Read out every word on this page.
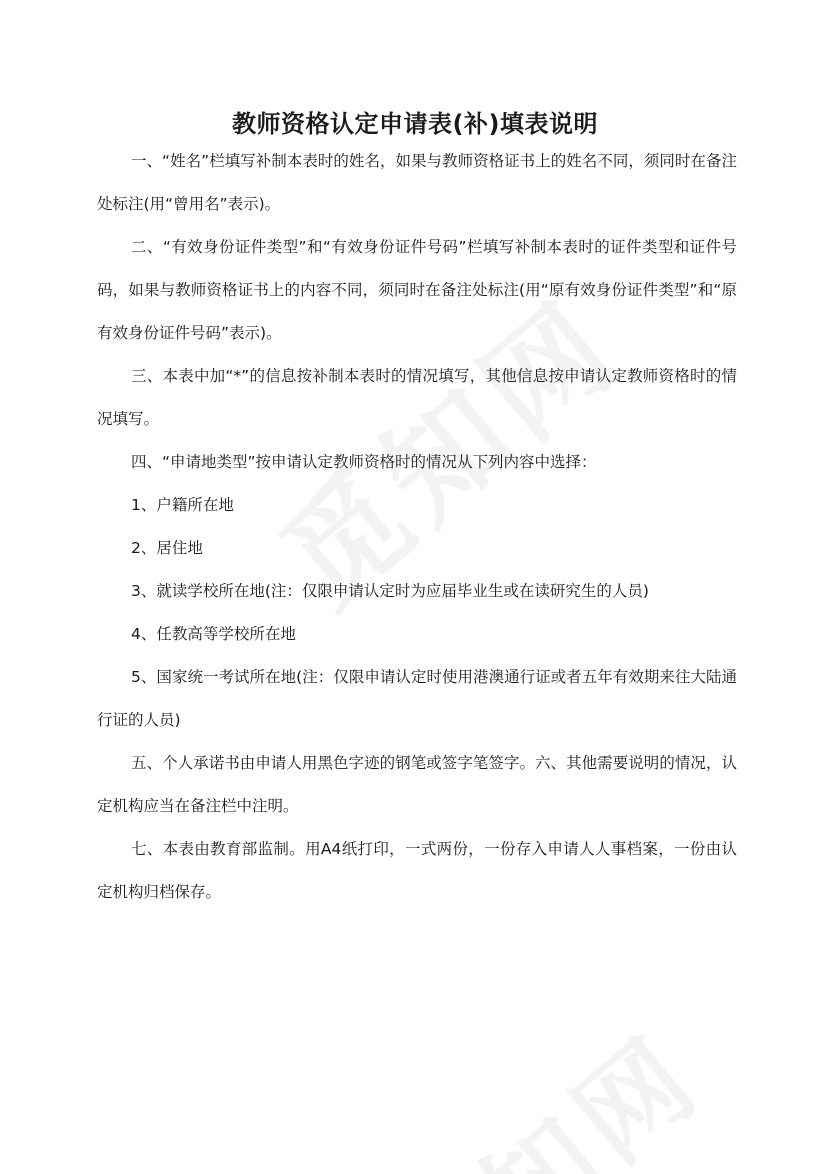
教师资格认定申请表(补)填表说明

一、“姓名”栏填写补制本表时的姓名，如果与教师资格证书上的姓名不同，须同时在备注处标注(用“曾用名”表示)。

二、“有效身份证件类型”和“有效身份证件号码”栏填写补制本表时的证件类型和证件号码，如果与教师资格证书上的内容不同，须同时在备注处标注(用“原有效身份证件类型”和“原有效身份证件号码”表示)。

三、本表中加“*”的信息按补制本表时的情况填写，其他信息按申请认定教师资格时的情况填写。

四、“申请地类型”按申请认定教师资格时的情况从下列内容中选择：

1、户籍所在地

2、居住地

3、就读学校所在地(注：仅限申请认定时为应届毕业生或在读研究生的人员)

4、任教高等学校所在地

5、国家统一考试所在地(注：仅限申请认定时使用港澳通行证或者五年有效期来往大陆通行证的人员)

五、个人承诺书由申请人用黑色字迹的钢笔或签字笔签字。六、其他需要说明的情况，认定机构应当在备注栏中注明。

七、本表由教育部监制。用A4纸打印，一式两份，一份存入申请人人事档案，一份由认定机构归档保存。
